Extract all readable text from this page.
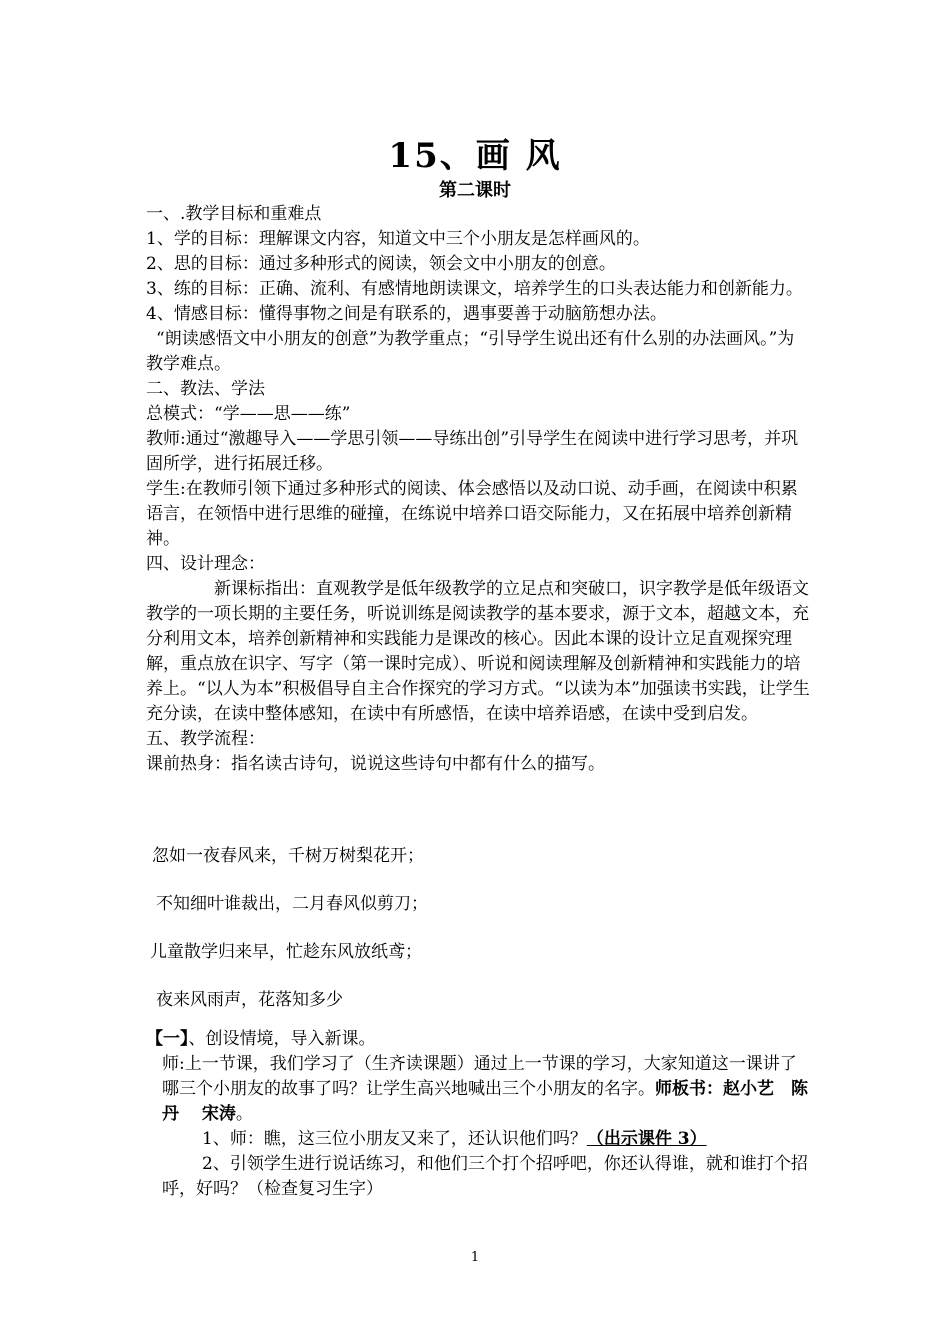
15、画 风
第二课时

一、.教学目标和重难点

1、学的目标：理解课文内容，知道文中三个小朋友是怎样画风的。

2、思的目标：通过多种形式的阅读，领会文中小朋友的创意。

3、练的目标：正确、流利、有感情地朗读课文，培养学生的口头表达能力和创新能力。

4、情感目标：懂得事物之间是有联系的，遇事要善于动脑筋想办法。

“朗读感悟文中小朋友的创意”为教学重点；“引导学生说出还有什么别的办法画风。”为教学难点。

二、教法、学法

总模式：“学——思——练”

教师:通过“激趣导入——学思引领——导练出创”引导学生在阅读中进行学习思考，并巩固所学，进行拓展迁移。

学生:在教师引领下通过多种形式的阅读、体会感悟以及动口说、动手画，在阅读中积累语言，在领悟中进行思维的碰撞，在练说中培养口语交际能力，又在拓展中培养创新精神。

四、设计理念：

新课标指出：直观教学是低年级教学的立足点和突破口，识字教学是低年级语文教学的一项长期的主要任务，听说训练是阅读教学的基本要求，源于文本，超越文本，充分利用文本，培养创新精神和实践能力是课改的核心。因此本课的设计立足直观探究理解，重点放在识字、写字（第一课时完成）、听说和阅读理解及创新精神和实践能力的培养上。“以人为本”积极倡导自主合作探究的学习方式。“以读为本”加强读书实践，让学生充分读，在读中整体感知，在读中有所感悟，在读中培养语感，在读中受到启发。

五、教学流程：

课前热身：指名读古诗句，说说这些诗句中都有什么的描写。

忽如一夜春风来，千树万树梨花开；

不知细叶谁裁出，二月春风似剪刀；

儿童散学归来早，忙趁东风放纸鸢；

夜来风雨声，花落知多少

【一】、创设情境，导入新课。

师:上一节课，我们学习了（生齐读课题）通过上一节课的学习，大家知道这一课讲了哪三个小朋友的故事了吗？让学生高兴地喊出三个小朋友的名字。师板书：赵小艺　陈丹　 宋涛。

1、师：瞧，这三位小朋友又来了，还认识他们吗？（出示课件 3）

2、引领学生进行说话练习，和他们三个打个招呼吧，你还认得谁，就和谁打个招呼，好吗？（检查复习生字）

1
